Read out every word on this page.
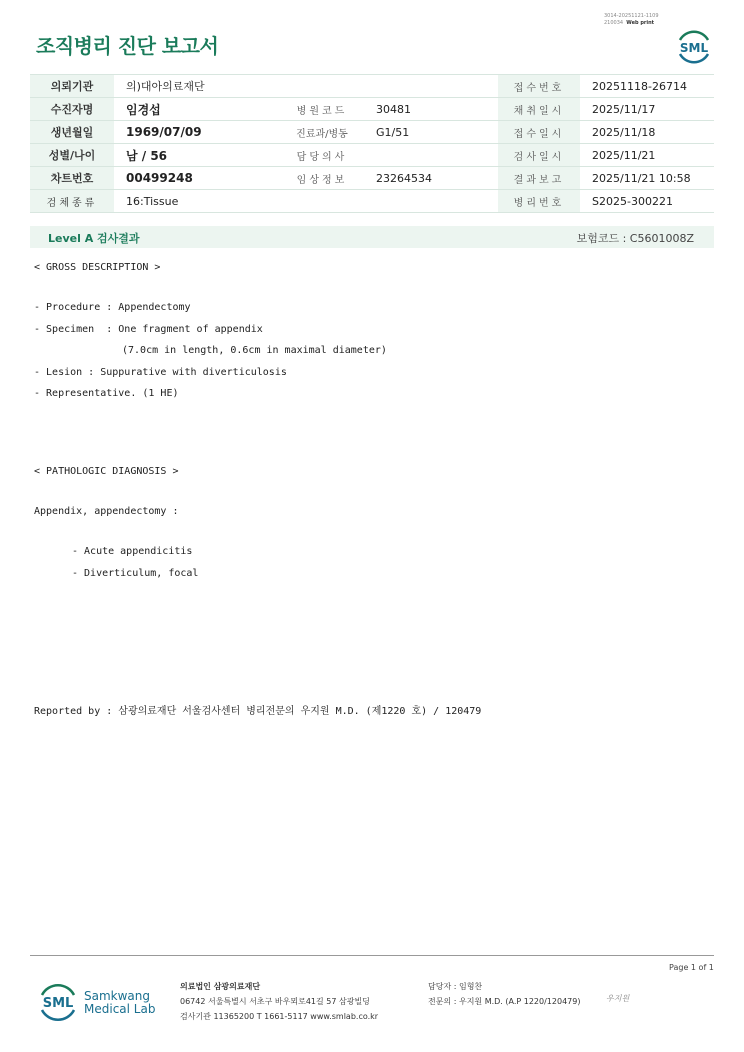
3014-20251121-1109
210034 Web print
조직병리 진단 보고서	SML
의뢰기관	의)대아의료재단			접수번호	20251118-26714
수진자명	임경섭	병원코드	30481	채취일시	2025/11/17
생년월일	1969/07/09	진료과/병동	G1/51	접수일시	2025/11/18
성별/나이	남 / 56	담당의사		검사일시	2025/11/21
차트번호	00499248	임상정보	23264534	결과보고	2025/11/21 10:58
검체종류	16:Tissue			병리번호	S2025-300221
Level A 검사결과	보험코드 : C5601008Z
< GROSS DESCRIPTION >
- Procedure : Appendectomy
- Specimen  : One fragment of appendix
(7.0cm in length, 0.6cm in maximal diameter)
- Lesion : Suppurative with diverticulosis
- Representative. (1 HE)
< PATHOLOGIC DIAGNOSIS >
Appendix, appendectomy :
- Acute appendicitis
- Diverticulum, focal
Reported by : 삼광의료재단 서울검사센터 병리전문의 우지원 M.D. (제1220 호) / 120479
Page 1 of 1
SML Samkwang
Medical Lab
의료법인 삼광의료재단
06742 서울특별시 서초구 바우뫼로41길 57 삼광빌딩
검사기관 11365200 T 1661-5117 www.smlab.co.kr
담당자 : 임형찬
전문의 : 우지원 M.D. (A.P 1220/120479)	우지원
